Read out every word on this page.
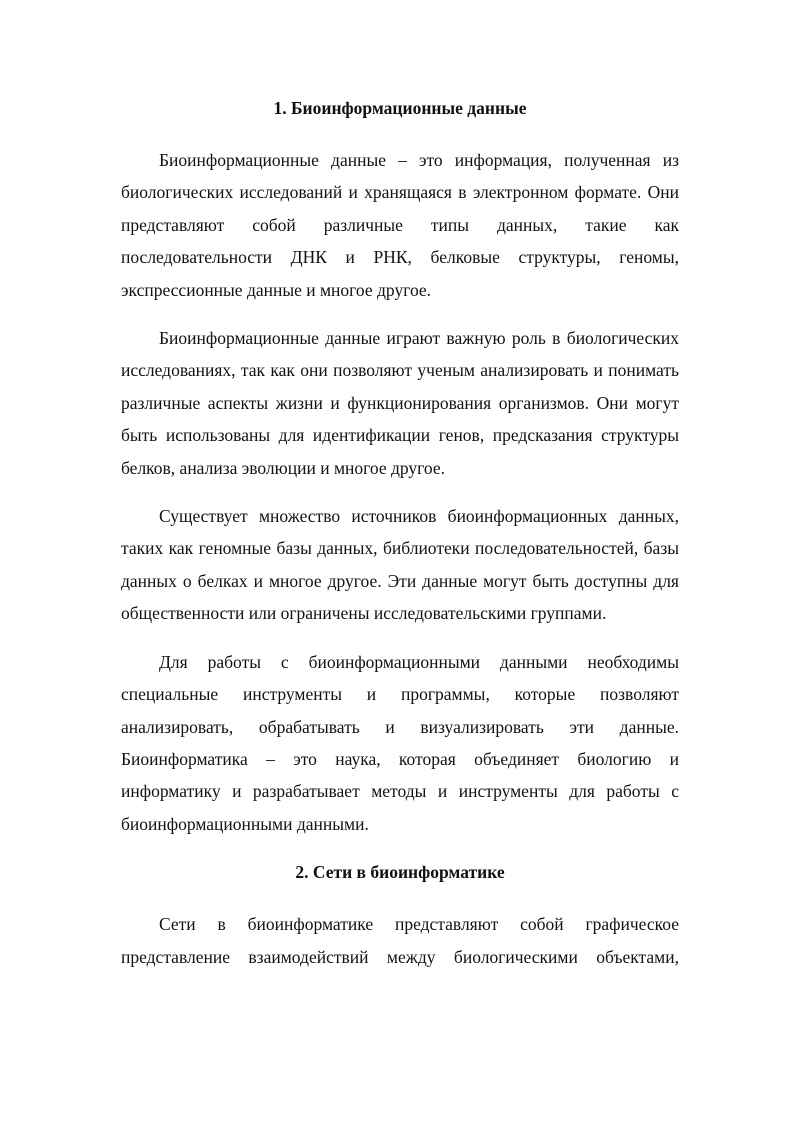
1. Биоинформационные данные

Биоинформационные данные – это информация, полученная из биологических исследований и хранящаяся в электронном формате. Они представляют собой различные типы данных, такие как последовательности ДНК и РНК, белковые структуры, геномы, экспрессионные данные и многое другое.

Биоинформационные данные играют важную роль в биологических исследованиях, так как они позволяют ученым анализировать и понимать различные аспекты жизни и функционирования организмов. Они могут быть использованы для идентификации генов, предсказания структуры белков, анализа эволюции и многое другое.

Существует множество источников биоинформационных данных, таких как геномные базы данных, библиотеки последовательностей, базы данных о белках и многое другое. Эти данные могут быть доступны для общественности или ограничены исследовательскими группами.

Для работы с биоинформационными данными необходимы специальные инструменты и программы, которые позволяют анализировать, обрабатывать и визуализировать эти данные. Биоинформатика – это наука, которая объединяет биологию и информатику и разрабатывает методы и инструменты для работы с биоинформационными данными.

2. Сети в биоинформатике

Сети в биоинформатике представляют собой графическое представление взаимодействий между биологическими объектами,
